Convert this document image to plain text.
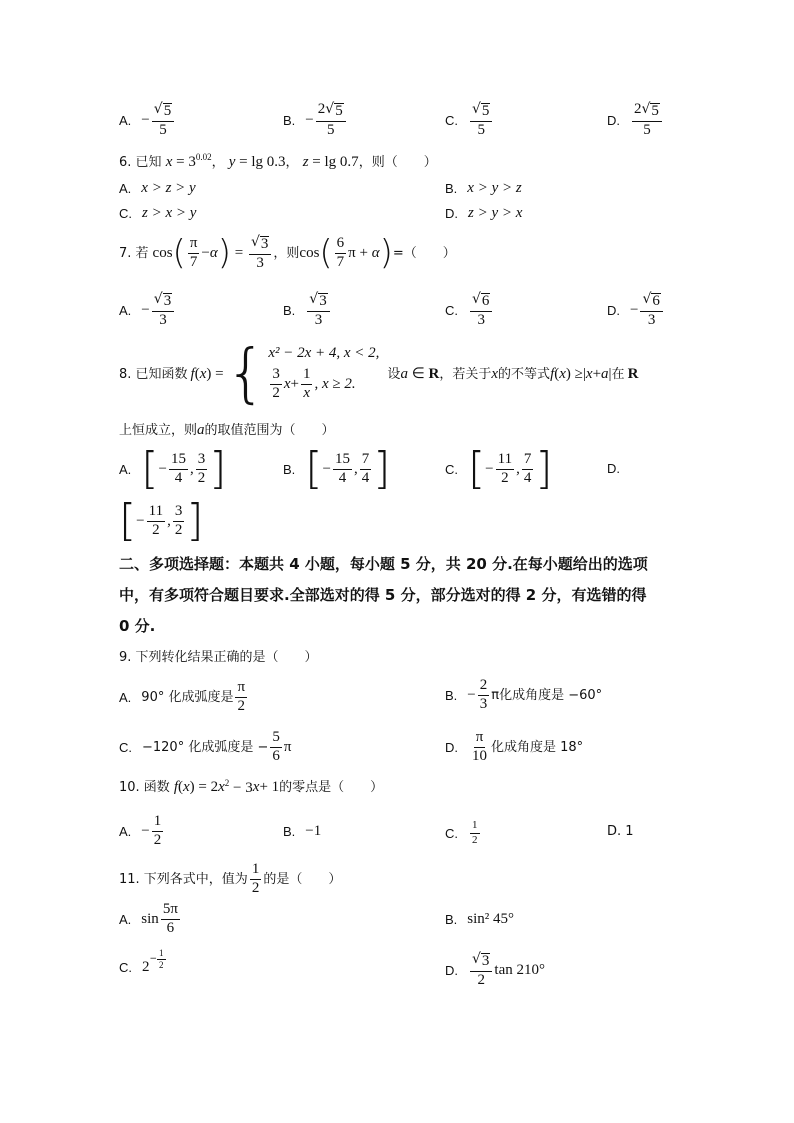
A. − $\frac{√ 5}{5}$	B. − $\frac{2 √ 5}{5}$	C. $\frac{√ 5}{5}$	D. $\frac{2 √ 5}{5}$
6. 已知 $x = 3^{0.02}$， y = lg 0.3， z = lg 0.7，则（　　）
A. x > z > y	B. x > y > z
C. z > x > y	D. z > y > x
7. 若 cos ( $\frac{\pi}{7} - \alpha$ ) = $\frac{√ 3}{3}$ ，则 cos ( $\frac{6}{7}$ π + α ) =（　　）
A. − $\frac{√ 3}{3}$	B. $\frac{√ 3}{3}$	C. $\frac{√ 6}{3}$	D. − $\frac{√ 6}{3}$
8. 已知函数 f ( x ) = { x² − 2x + 4, x < 2,
$\frac{3}{2}$ $x + \frac{1}{x}$ , x ≥ 2.
设 a ∈ R ，若关于 x 的不等式 f ( x ) ≥| x + a | 在 R
上恒成立，则a的取值范围为（　　）
A. [ − $\frac{15}{4}$ , $\frac{3}{2}$ ]	B. [ − $\frac{15}{4}$ , $\frac{7}{4}$ ]	C. [ − $\frac{11}{2}$ , $\frac{7}{4}$ ]	D.
[ − $\frac{11}{2}$ , $\frac{3}{2}$ ]
二、多项选择题：本题共 4 小题，每小题 5 分，共 20 分.在每小题给出的选项
中，有多项符合题目要求.全部选对的得 5 分，部分选对的得 2 分，有选错的得
0 分.
9. 下列转化结果正确的是（　　）
A. 90° 化成弧度是 $\frac{\pi}{2}$	B. − $\frac{2}{3}$ π化成角度是 −60°
C. −120° 化成弧度是 − $\frac{5}{6}$ π	D. $\frac{\pi}{10}$ 化成角度是 18°
10. 函数 f ( x ) = 2 x $^2$ − 3 x + 1 的零点是（　　）
A. − $\frac{1}{2}$	B. −1	C. $\frac{1}{2}$	D. 1
11. 下列各式中，值为 $\frac{1}{2}$ 的是（　　）
A. $\sin \frac{5\pi}{6}$	B. sin² 45°
C. $2 - \frac{1}{2}$	D. $\frac{√ 3}{2}$ tan 210°
